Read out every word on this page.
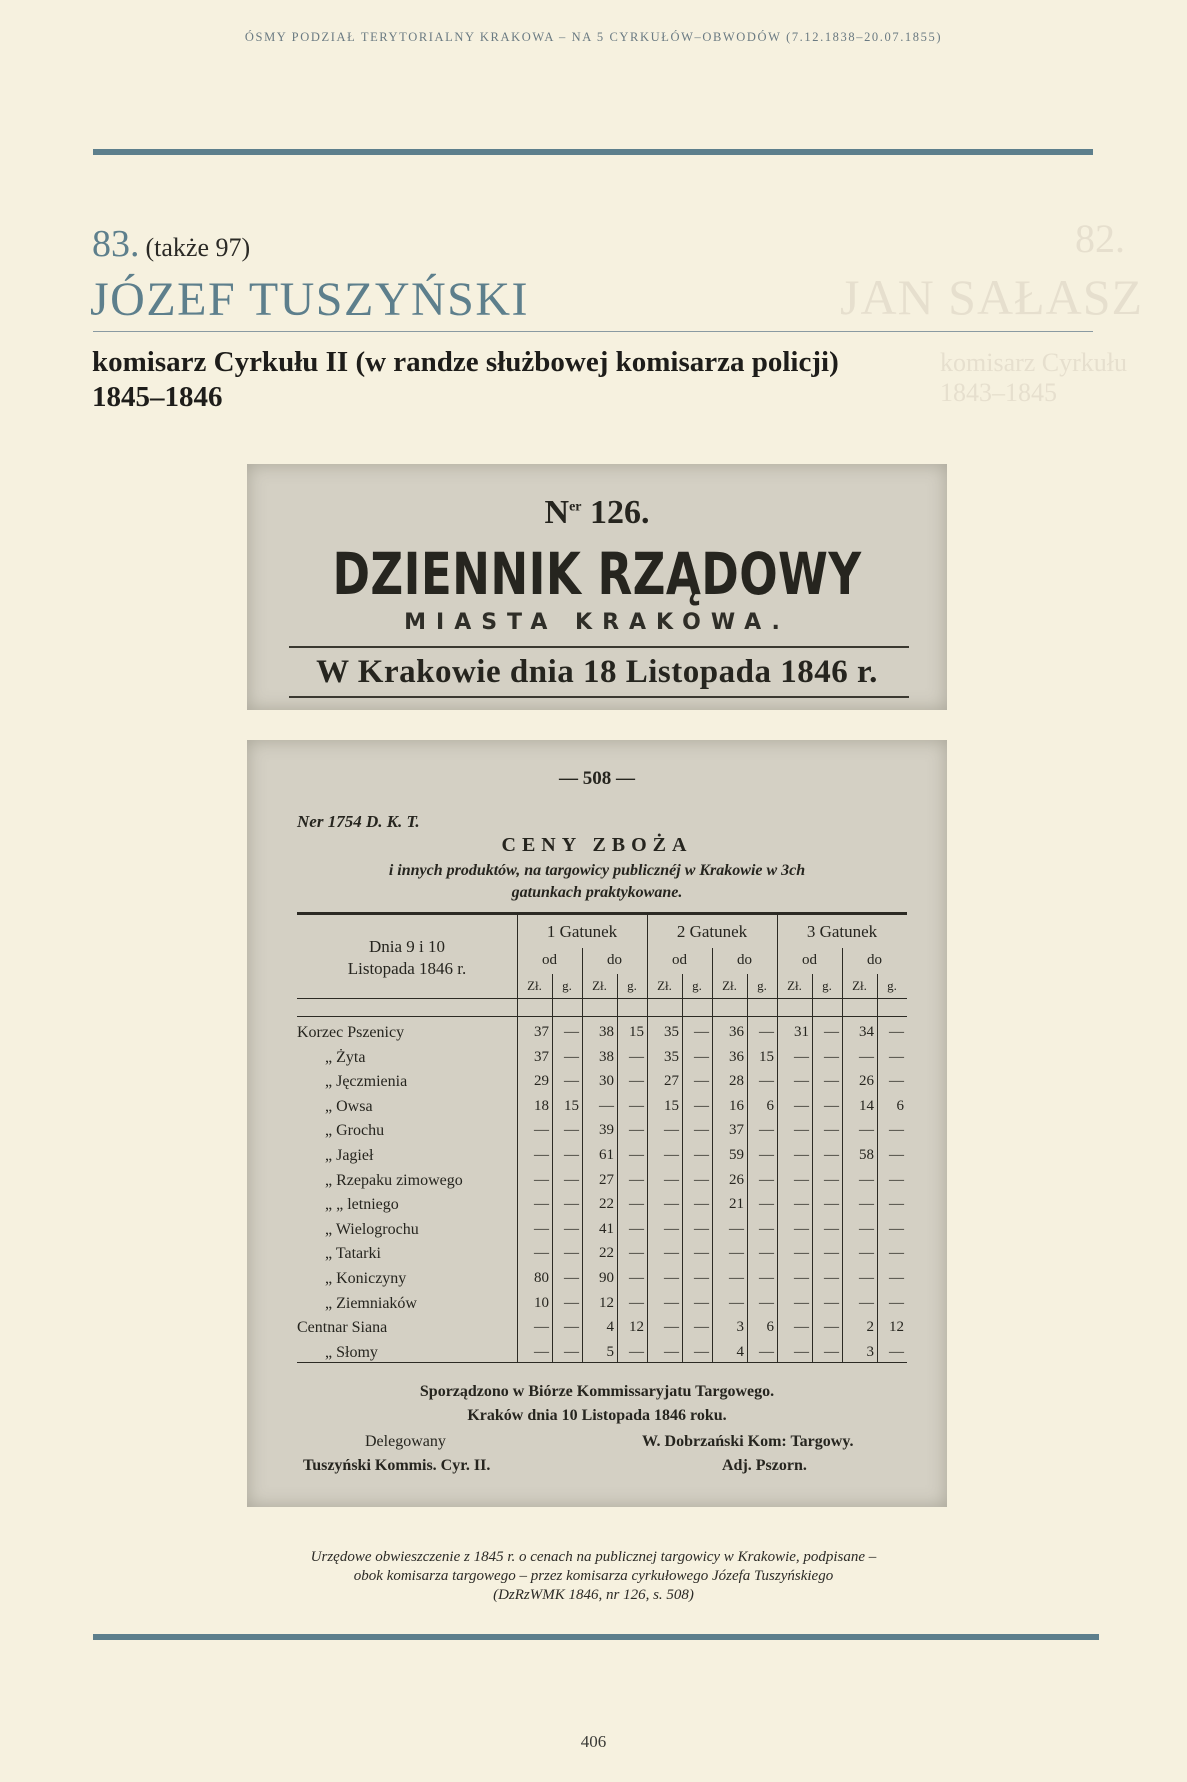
ÓSMY PODZIAŁ TERYTORIALNY KRAKOWA – NA 5 CYRKUŁÓW–OBWODÓW (7.12.1838–20.07.1855)
82.
JAN SAŁASZ
komisarz Cyrkułu
1843–1845
83. (także 97)
JÓZEF TUSZYŃSKI
komisarz Cyrkułu II (w randze służbowej komisarza policji)
1845–1846
$N^{er}$ 126.
DZIENNIK RZĄDOWY
MIASTA KRAKOWA.
W Krakowie dnia 18 Listopada 1846 r.
— 508 —
Ner 1754 D. K. T.
CENY ZBOŻA
i innych produktów, na targowicy publicznéj w Krakowie w 3ch
gatunkach praktykowane.
Dnia 9 i 10
Listopada 1846 r.
1 Gatunek	2 Gatunek	3 Gatunek
od	do	od	do	od	do
Zł.	g.	Zł.	g.	Zł.	g.	Zł.	g.	Zł.	g.	Zł.	g.
Korzec Pszenicy	37	—	38	15	35	—	36	—	31	—	34	—
„ Żyta	37	—	38	—	35	—	36	15	—	—	—	—
„ Jęczmienia	29	—	30	—	27	—	28	—	—	—	26	—
„ Owsa	18	15	—	—	15	—	16	6	—	—	14	6
„ Grochu	—	—	39	—	—	—	37	—	—	—	—	—
„ Jagieł	—	—	61	—	—	—	59	—	—	—	58	—
„ Rzepaku zimowego	—	—	27	—	—	—	26	—	—	—	—	—
„ „ letniego	—	—	22	—	—	—	21	—	—	—	—	—
„ Wielogrochu	—	—	41	—	—	—	—	—	—	—	—	—
„ Tatarki	—	—	22	—	—	—	—	—	—	—	—	—
„ Koniczyny	80	—	90	—	—	—	—	—	—	—	—	—
„ Ziemniaków	10	—	12	—	—	—	—	—	—	—	—	—
Centnar Siana	—	—	4	12	—	—	3	6	—	—	2	12
„ Słomy	—	—	5	—	—	—	4	—	—	—	3	—
Sporządzono w Biórze Kommissaryjatu Targowego.
Kraków dnia 10 Listopada 1846 roku.
Delegowany	W. Dobrzański Kom: Targowy.
Tuszyński Kommis. Cyr. II.	Adj. Pszorn.
Urzędowe obwieszczenie z 1845 r. o cenach na publicznej targowicy w Krakowie, podpisane –
obok komisarza targowego – przez komisarza cyrkułowego Józefa Tuszyńskiego
(DzRzWMK 1846, nr 126, s. 508)
406
